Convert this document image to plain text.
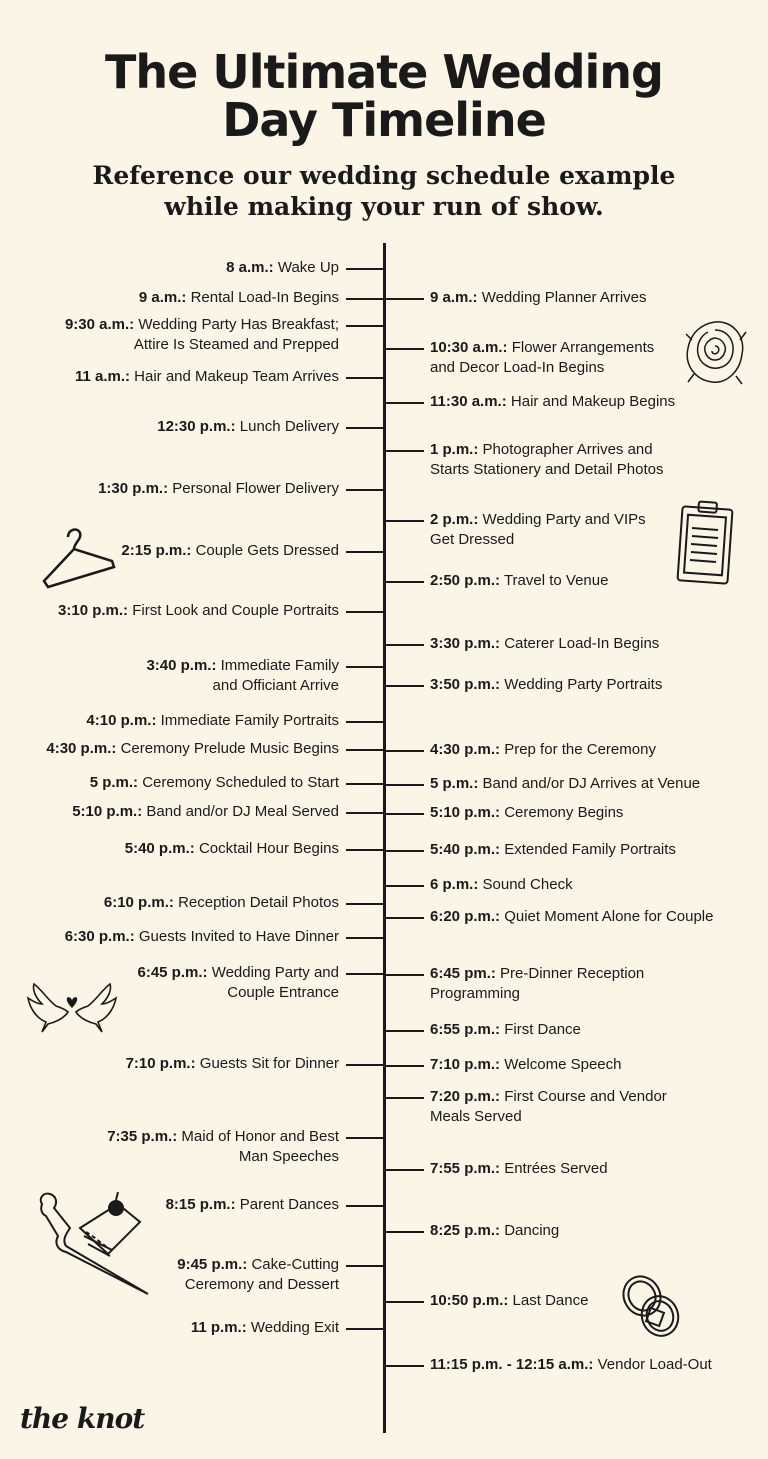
The Ultimate Wedding
Day Timeline
Reference our wedding schedule example
while making your run of show.
8 a.m.: Wake Up
9 a.m.: Rental Load-In Begins
9:30 a.m.: Wedding Party Has Breakfast;
Attire Is Steamed and Prepped
11 a.m.: Hair and Makeup Team Arrives
12:30 p.m.: Lunch Delivery
1:30 p.m.: Personal Flower Delivery
2:15 p.m.: Couple Gets Dressed
3:10 p.m.: First Look and Couple Portraits
3:40 p.m.: Immediate Family
and Officiant Arrive
4:10 p.m.: Immediate Family Portraits
4:30 p.m.: Ceremony Prelude Music Begins
5 p.m.: Ceremony Scheduled to Start
5:10 p.m.: Band and/or DJ Meal Served
5:40 p.m.: Cocktail Hour Begins
6:10 p.m.: Reception Detail Photos
6:30 p.m.: Guests Invited to Have Dinner
6:45 p.m.: Wedding Party and
Couple Entrance
7:10 p.m.: Guests Sit for Dinner
7:35 p.m.: Maid of Honor and Best
Man Speeches
8:15 p.m.: Parent Dances
9:45 p.m.: Cake-Cutting
Ceremony and Dessert
11 p.m.: Wedding Exit
9 a.m.: Wedding Planner Arrives
10:30 a.m.: Flower Arrangements
and Decor Load-In Begins
11:30 a.m.: Hair and Makeup Begins
1 p.m.: Photographer Arrives and
Starts Stationery and Detail Photos
2 p.m.: Wedding Party and VIPs
Get Dressed
2:50 p.m.: Travel to Venue
3:30 p.m.: Caterer Load-In Begins
3:50 p.m.: Wedding Party Portraits
4:30 p.m.: Prep for the Ceremony
5 p.m.: Band and/or DJ Arrives at Venue
5:10 p.m.: Ceremony Begins
5:40 p.m.: Extended Family Portraits
6 p.m.: Sound Check
6:20 p.m.: Quiet Moment Alone for Couple
6:45 pm.: Pre-Dinner Reception
Programming
6:55 p.m.: First Dance
7:10 p.m.: Welcome Speech
7:20 p.m.: First Course and Vendor
Meals Served
7:55 p.m.: Entrées Served
8:25 p.m.: Dancing
10:50 p.m.: Last Dance
11:15 p.m. - 12:15 a.m.: Vendor Load-Out
the knot
